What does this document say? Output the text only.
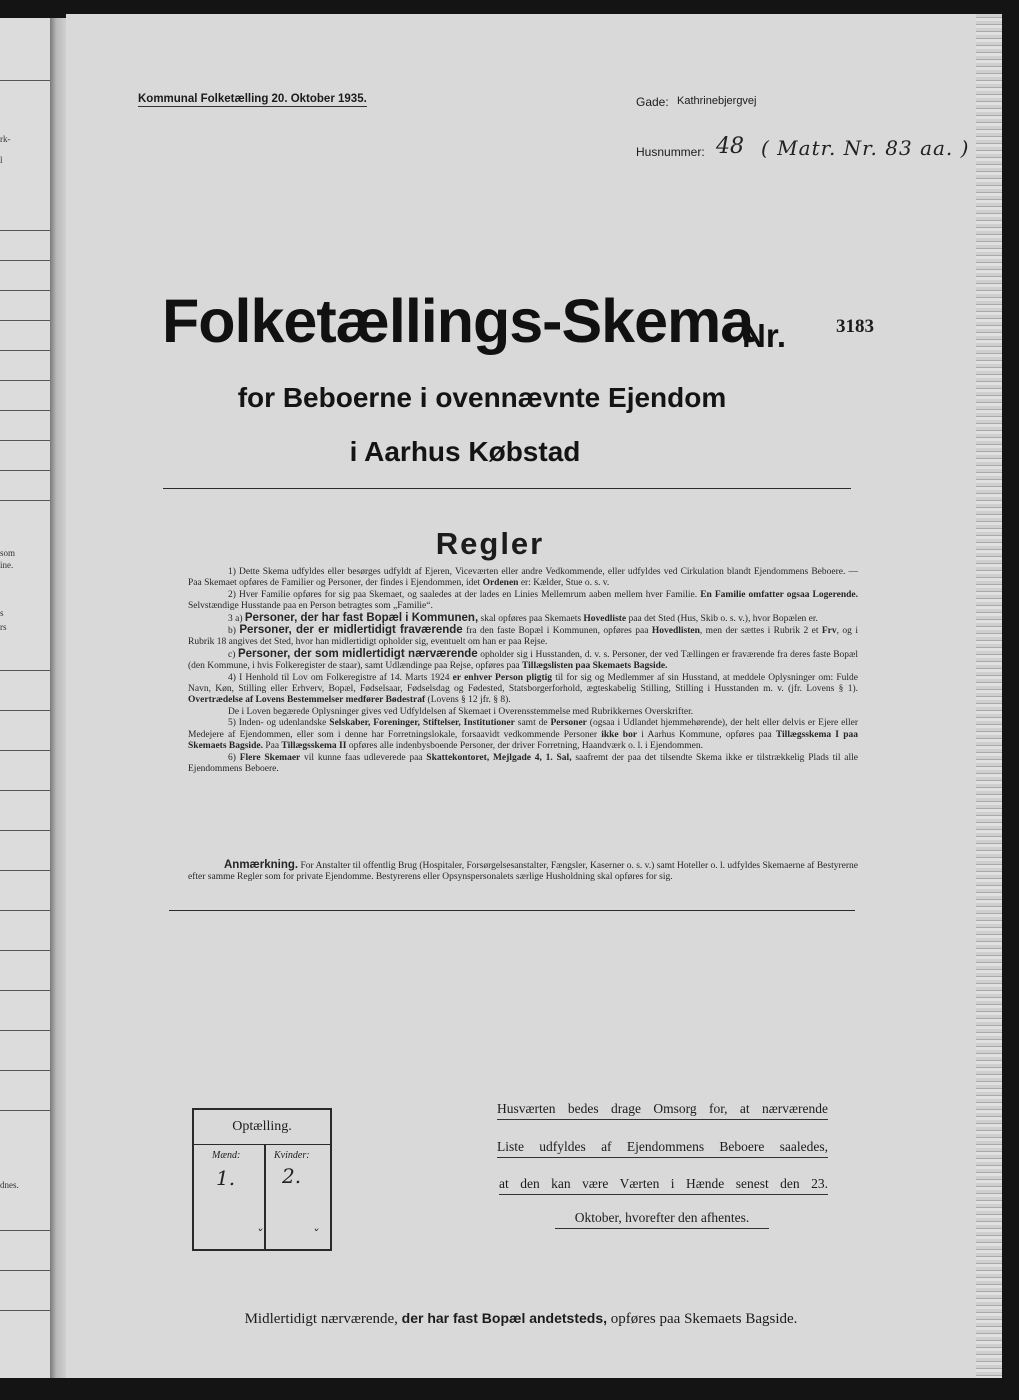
rk-
l
som
ine.
s
rs
dnes.
Kommunal Folketælling 20. Oktober 1935.	Gade: Kathrinebjergvej
Husnummer: 48 ( Matr. Nr. 83 aa. )
Folketællings-Skema
Nr.	3183
for Beboerne i ovennævnte Ejendom
i Aarhus Købstad
Regler

1) Dette Skema udfyldes eller besørges udfyldt af Ejeren, Viceværten eller andre Vedkommende, eller udfyldes ved Cirkulation blandt Ejendommens Beboere. — Paa Skemaet opføres de Familier og Personer, der findes i Ejendommen, idet Ordenen er: Kælder, Stue o. s. v.

2) Hver Familie opføres for sig paa Skemaet, og saaledes at der lades en Linies Mellemrum aaben mellem hver Familie. En Familie omfatter ogsaa Logerende. Selvstændige Husstande paa en Person betragtes som „Familie“.

3 a) Personer, der har fast Bopæl i Kommunen, skal opføres paa Skemaets Hovedliste paa det Sted (Hus, Skib o. s. v.), hvor Bopælen er.

b) Personer, der er midlertidigt fraværende fra den faste Bopæl i Kommunen, opføres paa Hovedlisten, men der sættes i Rubrik 2 et Frv, og i Rubrik 18 angives det Sted, hvor han midlertidigt opholder sig, eventuelt om han er paa Rejse.

c) Personer, der som midlertidigt nærværende opholder sig i Husstanden, d. v. s. Personer, der ved Tællingen er fraværende fra deres faste Bopæl (den Kommune, i hvis Folkeregister de staar), samt Udlændinge paa Rejse, opføres paa Tillægslisten paa Skemaets Bagside.

4) I Henhold til Lov om Folkeregistre af 14. Marts 1924 er enhver Person pligtig til for sig og Medlemmer af sin Husstand, at meddele Oplysninger om: Fulde Navn, Køn, Stilling eller Erhverv, Bopæl, Fødselsaar, Fødselsdag og Fødested, Statsborgerforhold, ægteskabelig Stilling, Stilling i Husstanden m. v. (jfr. Lovens § 1). Overtrædelse af Lovens Bestemmelser medfører Bødestraf (Lovens § 12 jfr. § 8).

De i Loven begærede Oplysninger gives ved Udfyldelsen af Skemaet i Overensstemmelse med Rubrikkernes Overskrifter.

5) Inden- og udenlandske Selskaber, Foreninger, Stiftelser, Institutioner samt de Personer (ogsaa i Udlandet hjemmehørende), der helt eller delvis er Ejere eller Medejere af Ejendommen, eller som i denne har Forretningslokale, forsaavidt vedkommende Personer ikke bor i Aarhus Kommune, opføres paa Tillægsskema I paa Skemaets Bagside. Paa Tillægsskema II opføres alle indenbysboende Personer, der driver Forretning, Haandværk o. l. i Ejendommen.

6) Flere Skemaer vil kunne faas udleverede paa Skattekontoret, Mejlgade 4, 1. Sal, saafremt der paa det tilsendte Skema ikke er tilstrækkelig Plads til alle Ejendommens Beboere.

Anmærkning. For Anstalter til offentlig Brug (Hospitaler, Forsørgelsesanstalter, Fængsler, Kaserner o. s. v.) samt Hoteller o. l. udfyldes Skemaerne af Bestyrerne efter samme Regler som for private Ejendomme. Bestyrerens eller Opsynspersonalets særlige Husholdning skal opføres for sig.

Optælling.
Mænd:	Kvinder:
1. 2.
ˇ	ˇ
Husværten bedes drage Omsorg for, at nærværende
Liste udfyldes af Ejendommens Beboere saaledes,
at den kan være Værten i Hænde senest den 23.
Oktober, hvorefter den afhentes.
Midlertidigt nærværende, der har fast Bopæl andetsteds, opføres paa Skemaets Bagside.
